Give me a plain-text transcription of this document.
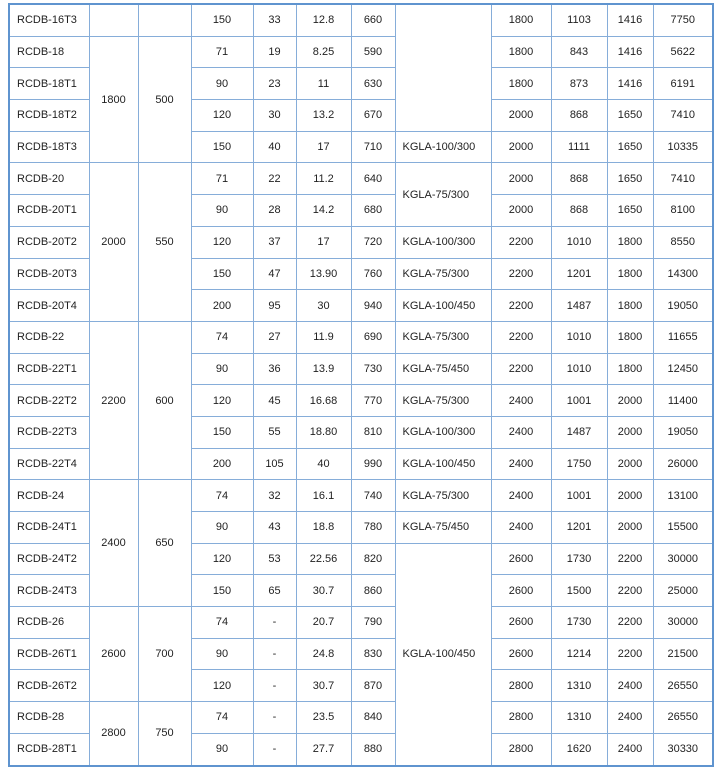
RCDB-16T3			150	33	12.8	660		1800	1103	1416	7750
RCDB-18	1800	500	71	19	8.25	590		1800	843	1416	5622
RCDB-18T1			90	23	11	630		1800	873	1416	6191
RCDB-18T2			120	30	13.2	670		2000	868	1650	7410
RCDB-18T3			150	40	17	710	KGLA-100/300	2000	1111	1650	10335
RCDB-20	2000	550	71	22	11.2	640	KGLA-75/300	2000	868	1650	7410
RCDB-20T1			90	28	14.2	680		2000	868	1650	8100
RCDB-20T2			120	37	17	720	KGLA-100/300	2200	1010	1800	8550
RCDB-20T3			150	47	13.90	760	KGLA-75/300	2200	1201	1800	14300
RCDB-20T4			200	95	30	940	KGLA-100/450	2200	1487	1800	19050
RCDB-22	2200	600	74	27	11.9	690	KGLA-75/300	2200	1010	1800	11655
RCDB-22T1			90	36	13.9	730	KGLA-75/450	2200	1010	1800	12450
RCDB-22T2			120	45	16.68	770	KGLA-75/300	2400	1001	2000	11400
RCDB-22T3			150	55	18.80	810	KGLA-100/300	2400	1487	2000	19050
RCDB-22T4			200	105	40	990	KGLA-100/450	2400	1750	2000	26000
RCDB-24	2400	650	74	32	16.1	740	KGLA-75/300	2400	1001	2000	13100
RCDB-24T1			90	43	18.8	780	KGLA-75/450	2400	1201	2000	15500
RCDB-24T2			120	53	22.56	820	KGLA-100/450	2600	1730	2200	30000
RCDB-24T3			150	65	30.7	860		2600	1500	2200	25000
RCDB-26	2600	700	74	-	20.7	790		2600	1730	2200	30000
RCDB-26T1			90	-	24.8	830		2600	1214	2200	21500
RCDB-26T2			120	-	30.7	870		2800	1310	2400	26550
RCDB-28	2800	750	74	-	23.5	840		2800	1310	2400	26550
RCDB-28T1			90	-	27.7	880		2800	1620	2400	30330
